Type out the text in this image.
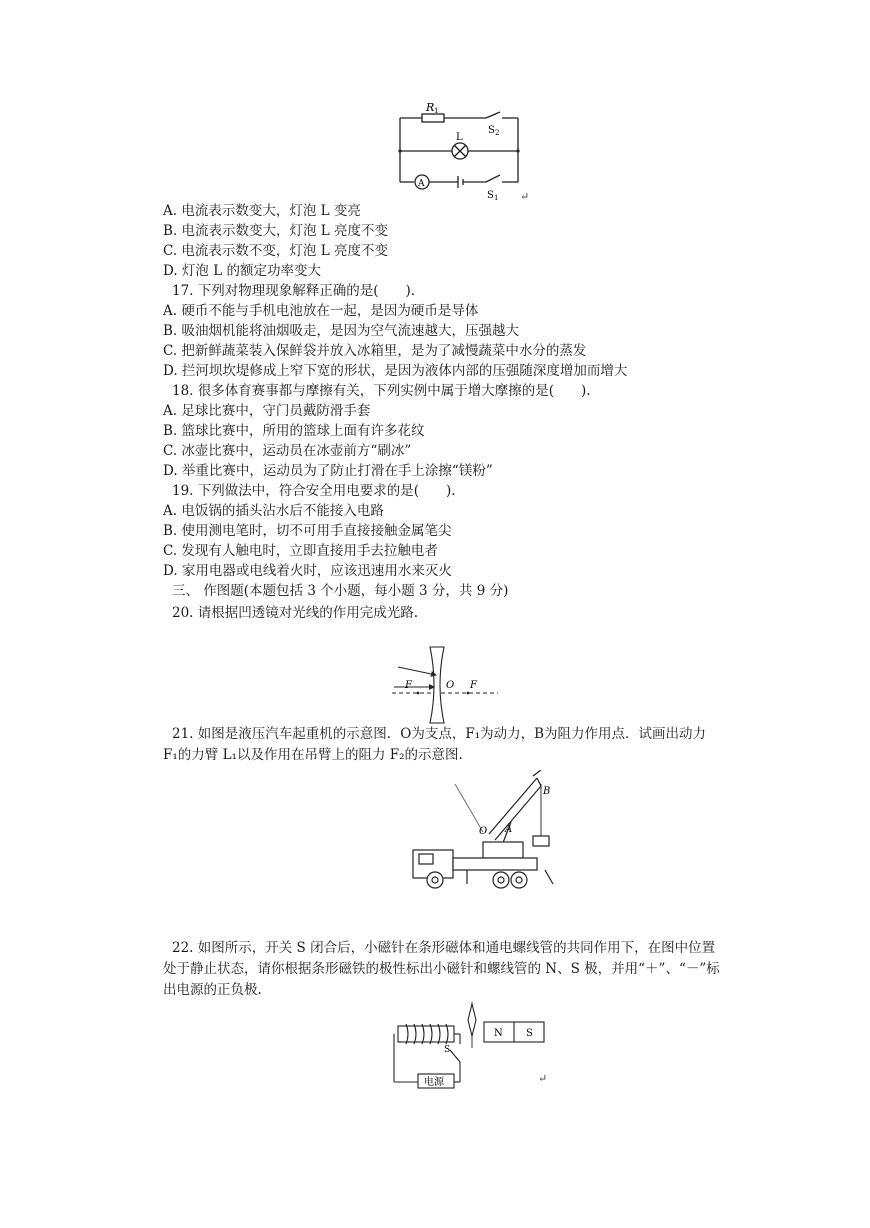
R 1
S 2
L
A
S 1 ↵
A. 电流表示数变大，灯泡 L 变亮
B. 电流表示数变大，灯泡 L 亮度不变
C. 电流表示数不变，灯泡 L 亮度不变
D. 灯泡 L 的额定功率变大
17. 下列对物理现象解释正确的是(　　).
A. 硬币不能与手机电池放在一起，是因为硬币是导体
B. 吸油烟机能将油烟吸走，是因为空气流速越大，压强越大
C. 把新鲜蔬菜装入保鲜袋并放入冰箱里，是为了减慢蔬菜中水分的蒸发
D. 拦河坝坎堤修成上窄下宽的形状，是因为液体内部的压强随深度增加而增大
18. 很多体育赛事都与摩擦有关，下列实例中属于增大摩擦的是(　　).
A. 足球比赛中，守门员戴防滑手套
B. 篮球比赛中，所用的篮球上面有许多花纹
C. 冰壶比赛中，运动员在冰壶前方“刷冰”
D. 举重比赛中，运动员为了防止打滑在手上涂擦“镁粉”
19. 下列做法中，符合安全用电要求的是(　　).
A. 电饭锅的插头沾水后不能接入电路
B. 使用测电笔时，切不可用手直接接触金属笔尖
C. 发现有人触电时，立即直接用手去拉触电者
D. 家用电器或电线着火时，应该迅速用水来灭火
三、 作图题(本题包括 3 个小题，每小题 3 分，共 9 分)
20. 请根据凹透镜对光线的作用完成光路.
F	O F
21. 如图是液压汽车起重机的示意图．O为支点，F₁为动力，B为阻力作用点．试画出动力 F₁的力臂 L₁以及作用在吊臂上的阻力 F₂的示意图.
O A
B
22. 如图所示，开关 S 闭合后，小磁针在条形磁体和通电螺线管的共同作用下，在图中位置处于静止状态，请你根据条形磁铁的极性标出小磁针和螺线管的 N、S 极，并用“＋”、“－”标出电源的正负极.
N S
S
电源	↵
